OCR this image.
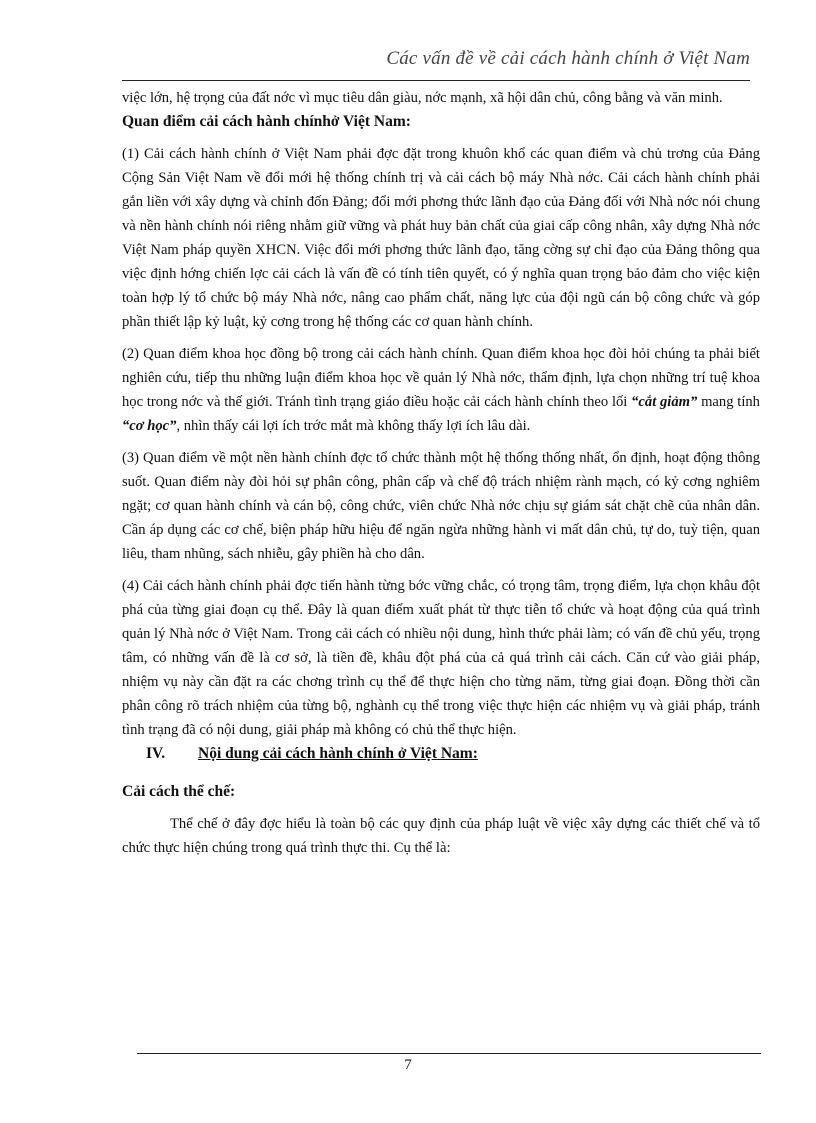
Các vấn đề về cải cách hành chính ở Việt Nam

việc lớn, hệ trọng của đất nớc vì mục tiêu dân giàu, nớc mạnh, xã hội dân chủ, công bằng và văn minh.

Quan điểm cải cách hành chínhở Việt Nam:

(1) Cải cách hành chính ở Việt Nam phải đợc đặt trong khuôn khổ các quan điểm và chủ trơng của Đảng Cộng Sản Việt Nam về đổi mới hệ thống chính trị và cải cách bộ máy Nhà nớc. Cải cách hành chính phải gắn liền với xây dựng và chỉnh đốn Đảng; đổi mới phơng thức lãnh đạo của Đảng đối với Nhà nớc nói chung và nền hành chính nói riêng nhằm giữ vững và phát huy bản chất của giai cấp công nhân, xây dựng Nhà nớc Việt Nam pháp quyền XHCN. Việc đổi mới phơng thức lãnh đạo, tăng cờng sự chỉ đạo của Đảng thông qua việc định hớng chiến lợc cải cách là vấn đề có tính tiên quyết, có ý nghĩa quan trọng bảo đảm cho việc kiện toàn hợp lý tổ chức bộ máy Nhà nớc, nâng cao phẩm chất, năng lực của đội ngũ cán bộ công chức và góp phần thiết lập kỷ luật, kỷ cơng trong hệ thống các cơ quan hành chính.

(2) Quan điểm khoa học đồng bộ trong cải cách hành chính. Quan điểm khoa học đòi hỏi chúng ta phải biết nghiên cứu, tiếp thu những luận điểm khoa học về quản lý Nhà nớc, thẩm định, lựa chọn những trí tuệ khoa học trong nớc và thế giới. Tránh tình trạng giáo điều hoặc cải cách hành chính theo lối “cắt giảm” mang tính “cơ học”, nhìn thấy cái lợi ích trớc mắt mà không thấy lợi ích lâu dài.

(3) Quan điểm về một nền hành chính đợc tổ chức thành một hệ thống thống nhất, ổn định, hoạt động thông suốt. Quan điểm này đòi hỏi sự phân công, phân cấp và chế độ trách nhiệm rành mạch, có kỷ cơng nghiêm ngặt; cơ quan hành chính và cán bộ, công chức, viên chức Nhà nớc chịu sự giám sát chặt chẽ của nhân dân. Cần áp dụng các cơ chế, biện pháp hữu hiệu để ngăn ngừa những hành vi mất dân chủ, tự do, tuỳ tiện, quan liêu, tham nhũng, sách nhiễu, gây phiền hà cho dân.

(4) Cải cách hành chính phải đợc tiến hành từng bớc vững chắc, có trọng tâm, trọng điểm, lựa chọn khâu đột phá của từng giai đoạn cụ thể. Đây là quan điểm xuất phát từ thực tiễn tổ chức và hoạt động của quá trình quản lý Nhà nớc ở Việt Nam. Trong cải cách có nhiều nội dung, hình thức phải làm; có vấn đề chủ yếu, trọng tâm, có những vấn đề là cơ sở, là tiền đề, khâu đột phá của cả quá trình cải cách. Căn cứ vào giải pháp, nhiệm vụ này cần đặt ra các chơng trình cụ thể để thực hiện cho từng năm, từng giai đoạn. Đồng thời cần phân công rõ trách nhiệm của từng bộ, nghành cụ thể trong việc thực hiện các nhiệm vụ và giải pháp, tránh tình trạng đã có nội dung, giải pháp mà không có chủ thể thực hiện.

IV.	Nội dung cải cách hành chính ở Việt Nam:

Cải cách thể chế:

Thể chế ở đây đợc hiểu là toàn bộ các quy định của pháp luật về việc xây dựng các thiết chế và tổ chức thực hiện chúng trong quá trình thực thi. Cụ thể là:

7
